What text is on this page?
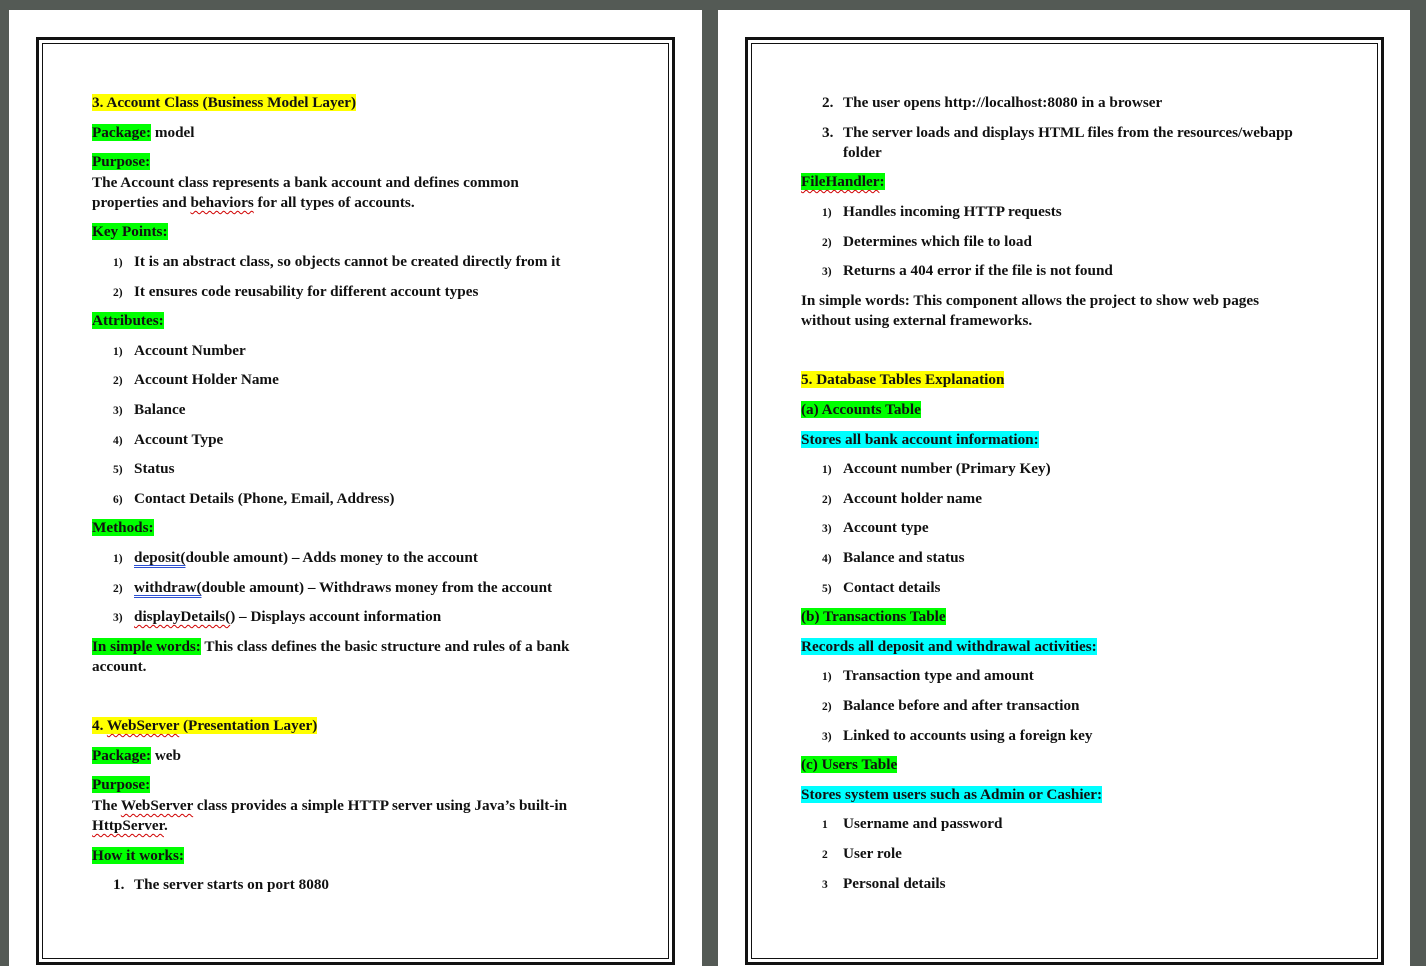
3. Account Class (Business Model Layer)
Package: model
Purpose:
The Account class represents a bank account and defines common
properties and behaviors for all types of accounts.
Key Points:
1) It is an abstract class, so objects cannot be created directly from it
2) It ensures code reusability for different account types
Attributes:
1) Account Number
2) Account Holder Name
3) Balance
4) Account Type
5) Status
6) Contact Details (Phone, Email, Address)
Methods:
1) deposit(double amount) – Adds money to the account
2) withdraw(double amount) – Withdraws money from the account
3) displayDetails() – Displays account information
In simple words: This class defines the basic structure and rules of a bank
account.
4. WebServer (Presentation Layer)
Package: web
Purpose:
The WebServer class provides a simple HTTP server using Java’s built-in
HttpServer.
How it works:
1. The server starts on port 8080
2. The user opens http://localhost:8080 in a browser
3. The server loads and displays HTML files from the resources/webapp
folder
FileHandler:
1) Handles incoming HTTP requests
2) Determines which file to load
3) Returns a 404 error if the file is not found
In simple words: This component allows the project to show web pages
without using external frameworks.
5. Database Tables Explanation
(a) Accounts Table
Stores all bank account information:
1) Account number (Primary Key)
2) Account holder name
3) Account type
4) Balance and status
5) Contact details
(b) Transactions Table
Records all deposit and withdrawal activities:
1) Transaction type and amount
2) Balance before and after transaction
3) Linked to accounts using a foreign key
(c) Users Table
Stores system users such as Admin or Cashier:
1 Username and password
2 User role
3 Personal details
